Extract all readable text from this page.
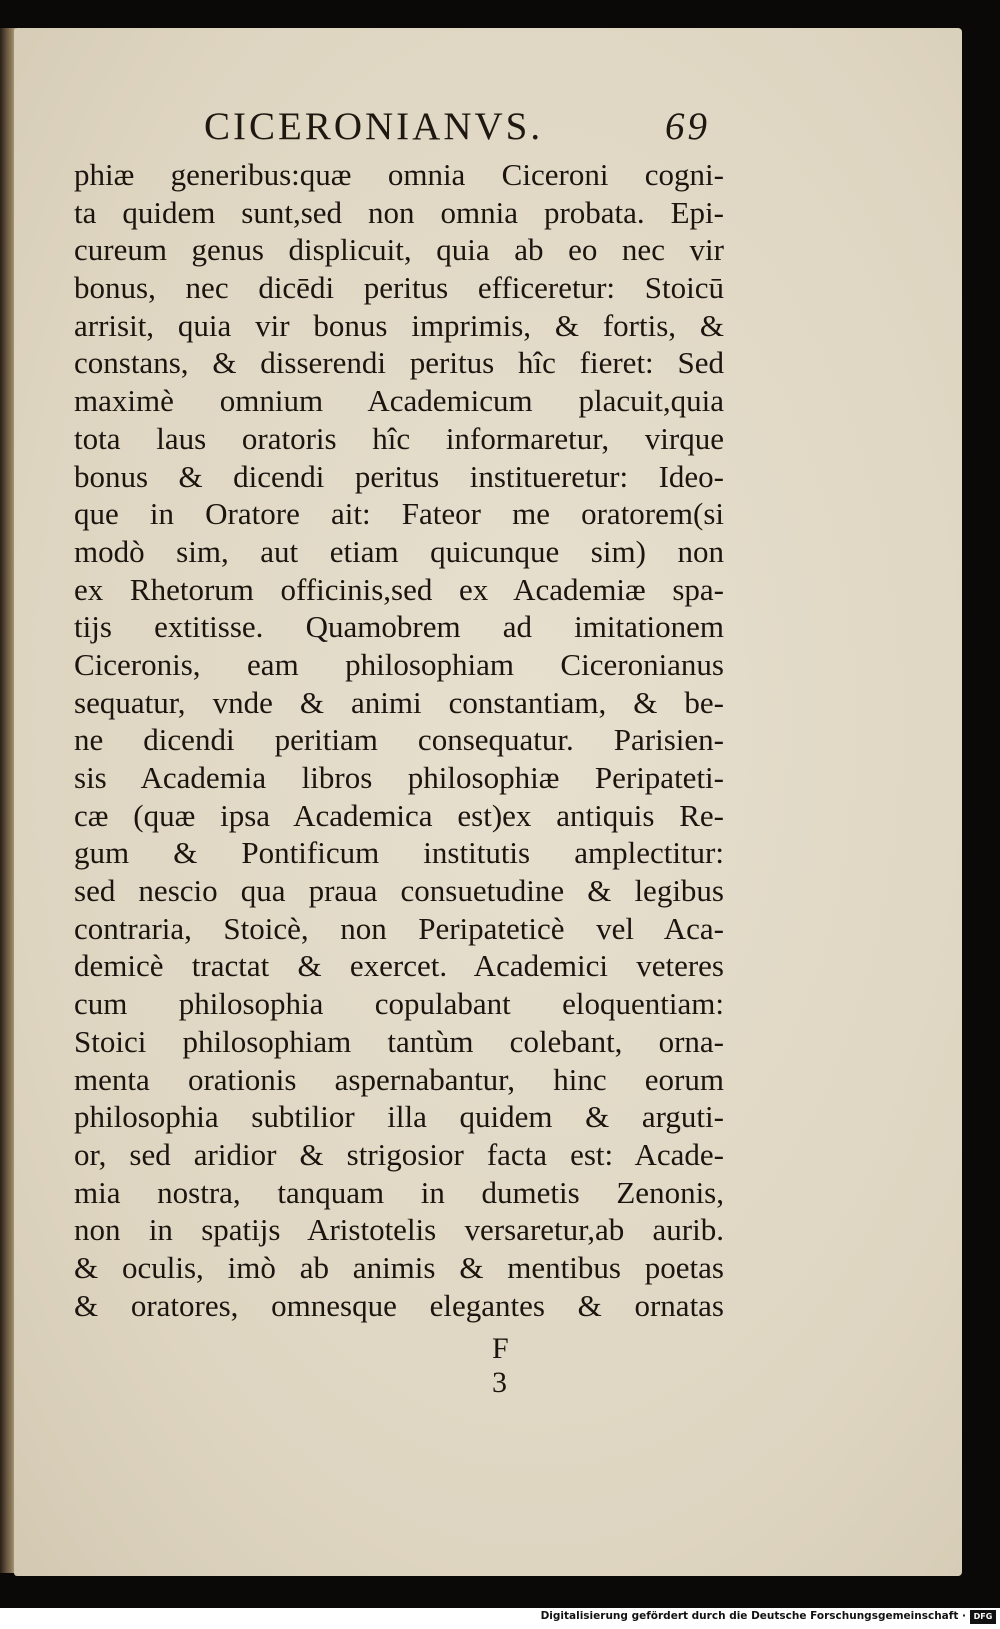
CICERONIANVS.	69
phiæ generibus:quæ omnia Ciceroni cogni-
ta quidem sunt,sed non omnia probata. Epi-
cureum genus displicuit, quia ab eo nec vir
bonus, nec dicēdi peritus efficeretur: Stoicū
arrisit, quia vir bonus imprimis, & fortis, &
constans, & disserendi peritus hîc fieret: Sed
maximè omnium Academicum placuit,quia
tota laus oratoris hîc informaretur, virque
bonus & dicendi peritus institueretur: Ideo-
que in Oratore ait: Fateor me oratorem(si
modò sim, aut etiam quicunque sim) non
ex Rhetorum officinis,sed ex Academiæ spa-
tijs extitisse. Quamobrem ad imitationem
Ciceronis, eam philosophiam Ciceronianus
sequatur, vnde & animi constantiam, & be-
ne dicendi peritiam consequatur. Parisien-
sis Academia libros philosophiæ Peripateti-
cæ (quæ ipsa Academica est)ex antiquis Re-
gum & Pontificum institutis amplectitur:
sed nescio qua praua consuetudine & legibus
contraria, Stoicè, non Peripateticè vel Aca-
demicè tractat & exercet. Academici veteres
cum philosophia copulabant eloquentiam:
Stoici philosophiam tantùm colebant, orna-
menta orationis aspernabantur, hinc eorum
philosophia subtilior illa quidem & arguti-
or, sed aridior & strigosior facta est: Acade-
mia nostra, tanquam in dumetis Zenonis,
non in spatijs Aristotelis versaretur,ab aurib.
& oculis, imò ab animis & mentibus poetas
& oratores, omnesque elegantes & ornatas
F 3
Digitalisierung gefördert durch die Deutsche Forschungsgemeinschaft · DFG
